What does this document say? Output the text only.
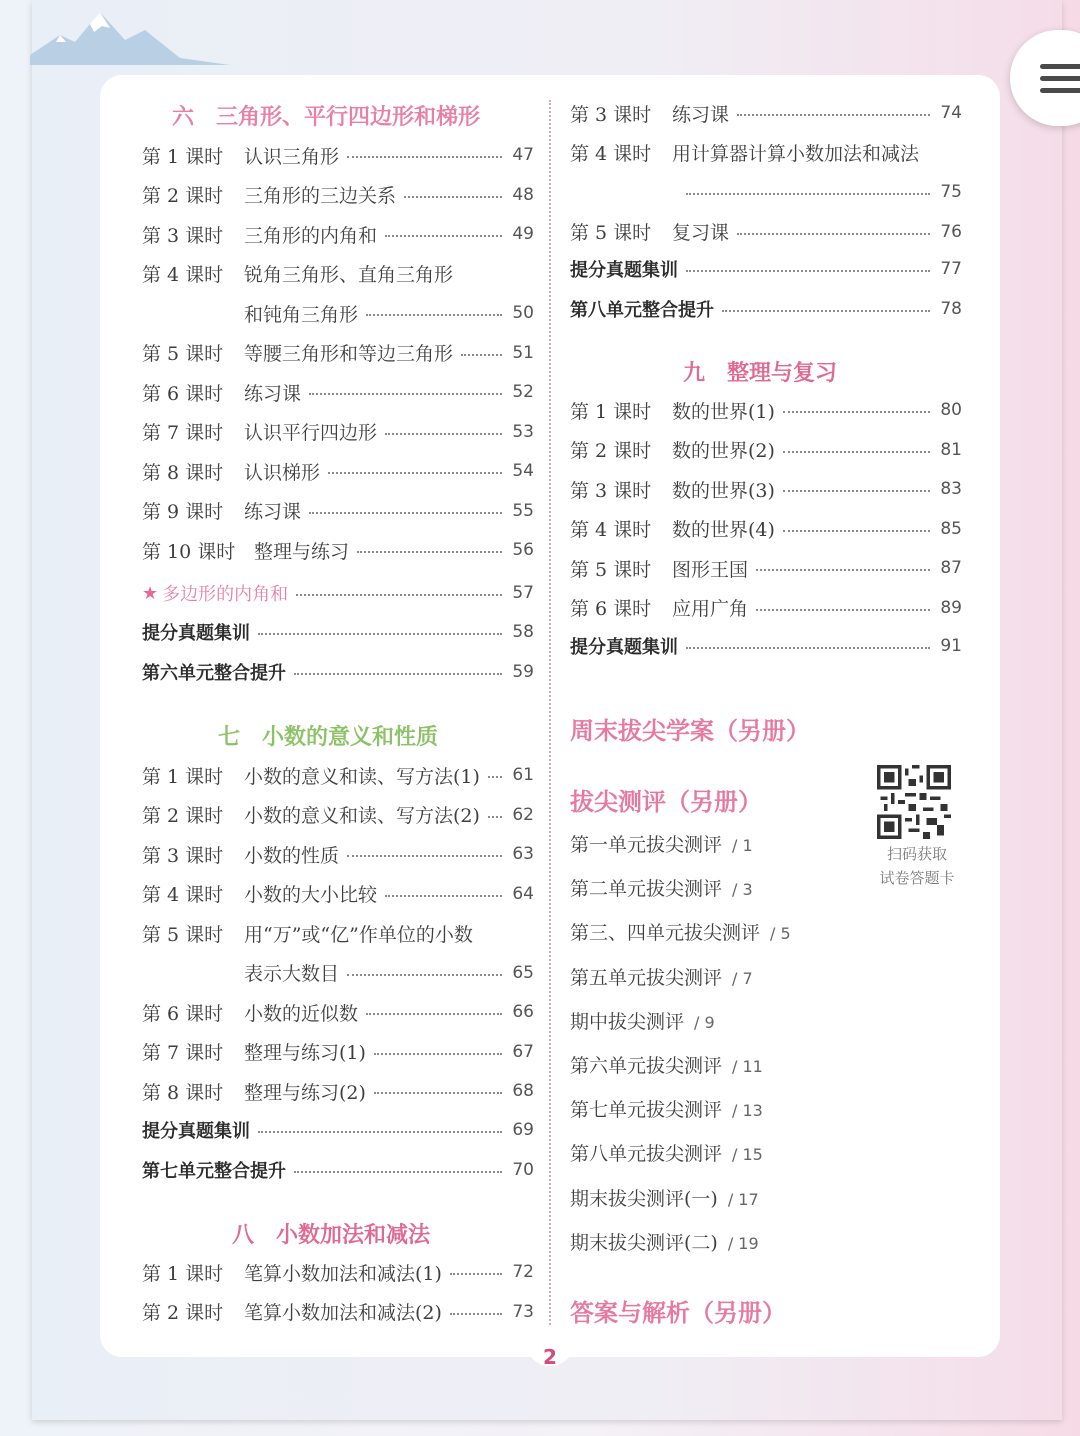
六 三角形、平行四边形和梯形
七 小数的意义和性质
八 小数加法和减法
九 整理与复习
周末拔尖学案（另册）
拔尖测评（另册）
答案与解析（另册）
扫码获取
试卷答题卡
2
第 1 课时	认识三角形	47
第 2 课时	三角形的三边关系	48
第 3 课时	三角形的内角和	49
第 4 课时	锐角三角形、直角三角形
和钝角三角形	50
第 5 课时	等腰三角形和等边三角形	51
第 6 课时	练习课	52
第 7 课时	认识平行四边形	53
第 8 课时	认识梯形	54
第 9 课时	练习课	55
第 10 课时 整理与练习	56
★ 多边形的内角和	57
提分真题集训	58
第六单元整合提升	59
第 1 课时	小数的意义和读、写方法(1) 61
第 2 课时	小数的意义和读、写方法(2) 62
第 3 课时	小数的性质	63
第 4 课时	小数的大小比较	64
第 5 课时	用“万”或“亿”作单位的小数
表示大数目	65
第 6 课时	小数的近似数	66
第 7 课时	整理与练习(1)	67
第 8 课时	整理与练习(2)	68
提分真题集训	69
第七单元整合提升	70
第 1 课时	笔算小数加法和减法(1)	72
第 2 课时	笔算小数加法和减法(2)	73
第 3 课时	练习课	74
第 4 课时	用计算器计算小数加法和减法
75
第 5 课时	复习课	76
提分真题集训	77
第八单元整合提升	78
第 1 课时	数的世界(1)	80
第 2 课时	数的世界(2)	81
第 3 课时	数的世界(3)	83
第 4 课时	数的世界(4)	85
第 5 课时	图形王国	87
第 6 课时	应用广角	89
提分真题集训	91
第一单元拔尖测评 / 1
第二单元拔尖测评 / 3
第三、四单元拔尖测评 / 5
第五单元拔尖测评 / 7
期中拔尖测评 / 9
第六单元拔尖测评 / 11
第七单元拔尖测评 / 13
第八单元拔尖测评 / 15
期末拔尖测评(一) / 17
期末拔尖测评(二) / 19
